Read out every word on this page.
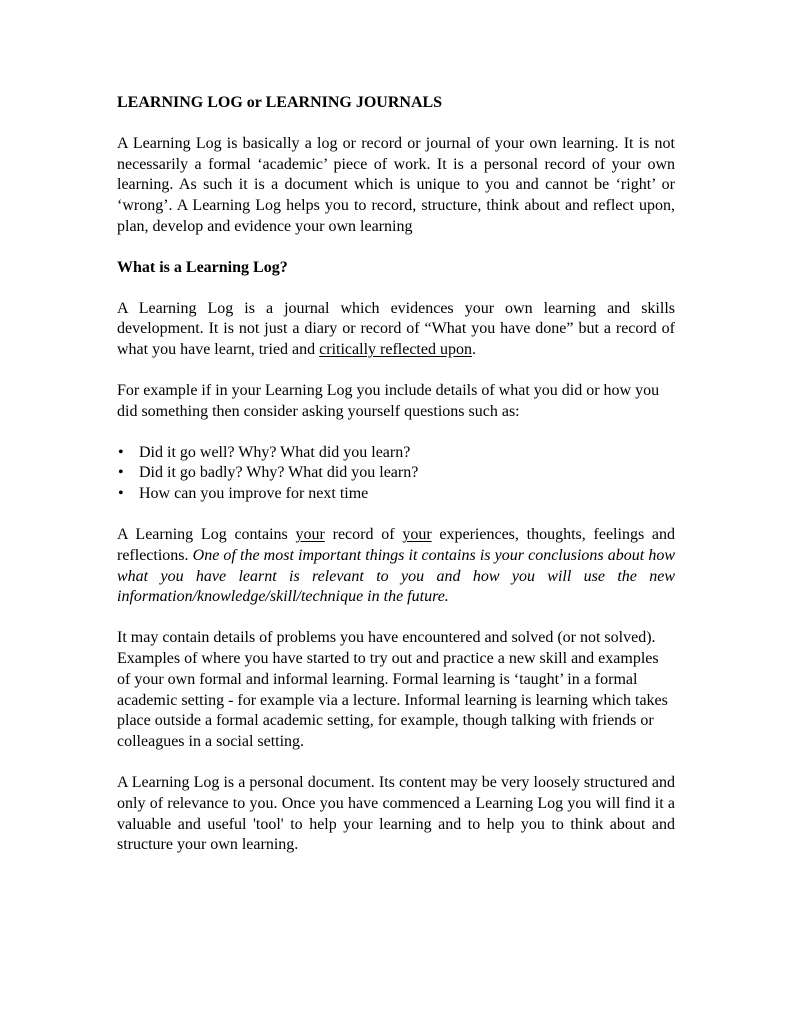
LEARNING LOG or LEARNING JOURNALS

A Learning Log is basically a log or record or journal of your own learning. It is not necessarily a formal ‘academic’ piece of work. It is a personal record of your own learning. As such it is a document which is unique to you and cannot be ‘right’ or ‘wrong’. A Learning Log helps you to record, structure, think about and reflect upon, plan, develop and evidence your own learning

What is a Learning Log?

A Learning Log is a journal which evidences your own learning and skills development. It is not just a diary or record of “What you have done” but a record of what you have learnt, tried and critically reflected upon.

For example if in your Learning Log you include details of what you did or how you did something then consider asking yourself questions such as:

• Did it go well? Why? What did you learn?
• Did it go badly? Why? What did you learn?
• How can you improve for next time

A Learning Log contains your record of your experiences, thoughts, feelings and reflections. One of the most important things it contains is your conclusions about how what you have learnt is relevant to you and how you will use the new information/knowledge/skill/technique in the future.

It may contain details of problems you have encountered and solved (or not solved). Examples of where you have started to try out and practice a new skill and examples of your own formal and informal learning. Formal learning is ‘taught’ in a formal academic setting - for example via a lecture. Informal learning is learning which takes place outside a formal academic setting, for example, though talking with friends or colleagues in a social setting.

A Learning Log is a personal document. Its content may be very loosely structured and only of relevance to you. Once you have commenced a Learning Log you will find it a valuable and useful 'tool' to help your learning and to help you to think about and structure your own learning.
